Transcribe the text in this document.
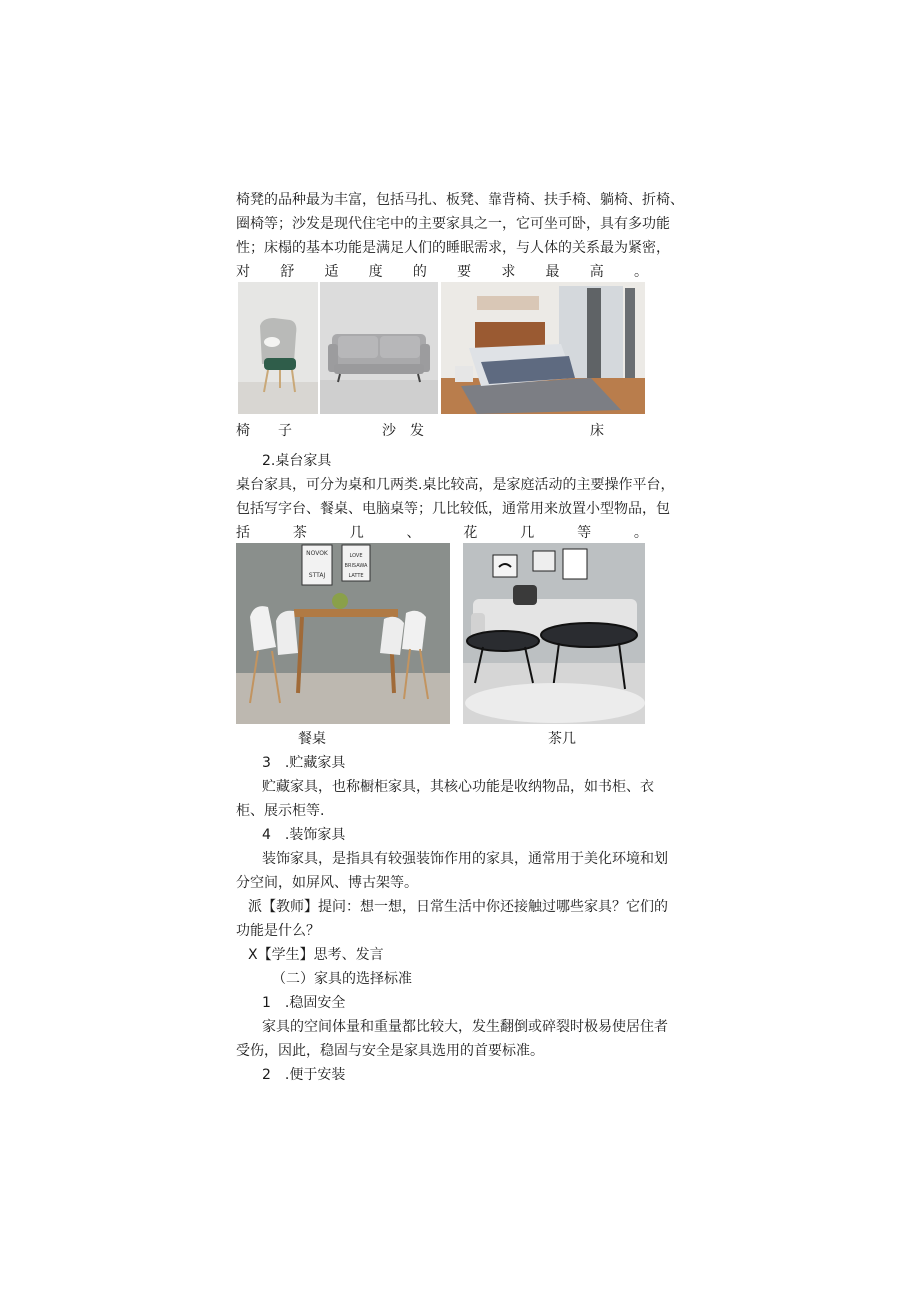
椅凳的品种最为丰富，包括马扎、板凳、靠背椅、扶手椅、躺椅、折椅、
圈椅等；沙发是现代住宅中的主要家具之一，它可坐可卧，具有多功能
性；床榻的基本功能是满足人们的睡眠需求，与人体的关系最为紧密，
对 舒 适 度 的 要 求 最 高 。
椅　　子	沙　发	床
2.桌台家具
桌台家具，可分为桌和几两类.桌比较高，是家庭活动的主要操作平台，
包括写字台、餐桌、电脑桌等；几比较低，通常用来放置小型物品，包
括	茶	几	、	花	几	等	。
NOVOK
STTAJ
LOVE
BRISAWA
LATTE
餐桌	茶几
3　.贮藏家具
贮藏家具，也称橱柜家具，其核心功能是收纳物品，如书柜、衣
柜、展示柜等.
4　.装饰家具
装饰家具，是指具有较强装饰作用的家具，通常用于美化环境和划
分空间，如屏风、博古架等。
派【教师】提问：想一想，日常生活中你还接触过哪些家具？它们的
功能是什么？
X【学生】思考、发言
（二）家具的选择标准
1　.稳固安全
家具的空间体量和重量都比较大，发生翻倒或碎裂时极易使居住者
受伤，因此，稳固与安全是家具选用的首要标准。
2　.便于安装
